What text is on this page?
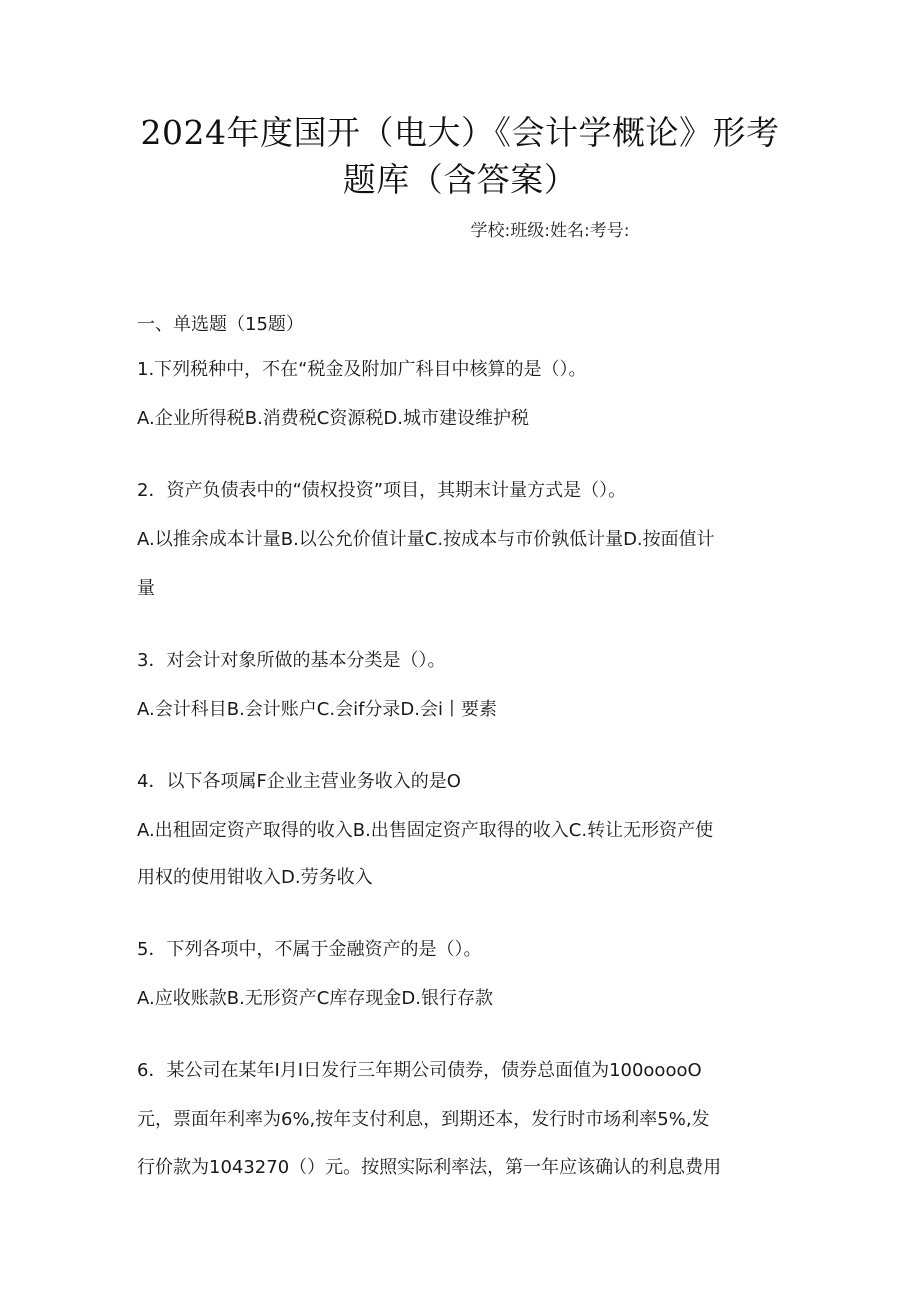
2024年度国开（电大）《会计学概论》形考
题库（含答案）
学校:班级:姓名:考号:
一、单选题（15题）
1.下列税种中，不在“税金及附加广科目中核算的是（）。
A.企业所得税B.消费税C资源税D.城市建设维护税
2．资产负债表中的“债权投资”项目，其期末计量方式是（）。
A.以推余成本计量B.以公允价值计量C.按成本与市价孰低计量D.按面值计
量
3．对会计对象所做的基本分类是（）。
A.会计科目B.会计账户C.会if分录D.会i丨要素
4．以下各项属F企业主营业务收入的是O
A.出租固定资产取得的收入B.出售固定资产取得的收入C.转让无形资产使
用权的使用钳收入D.劳务收入
5．下列各项中，不属于金融资产的是（）。
A.应收账款B.无形资产C库存现金D.银行存款
6．某公司在某年I月I日发行三年期公司债券，债券总面值为100ooooO
元，票面年利率为6%,按年支付利息，到期还本，发行时市场利率5%,发
行价款为1043270（）元。按照实际利率法，第一年应该确认的利息费用
